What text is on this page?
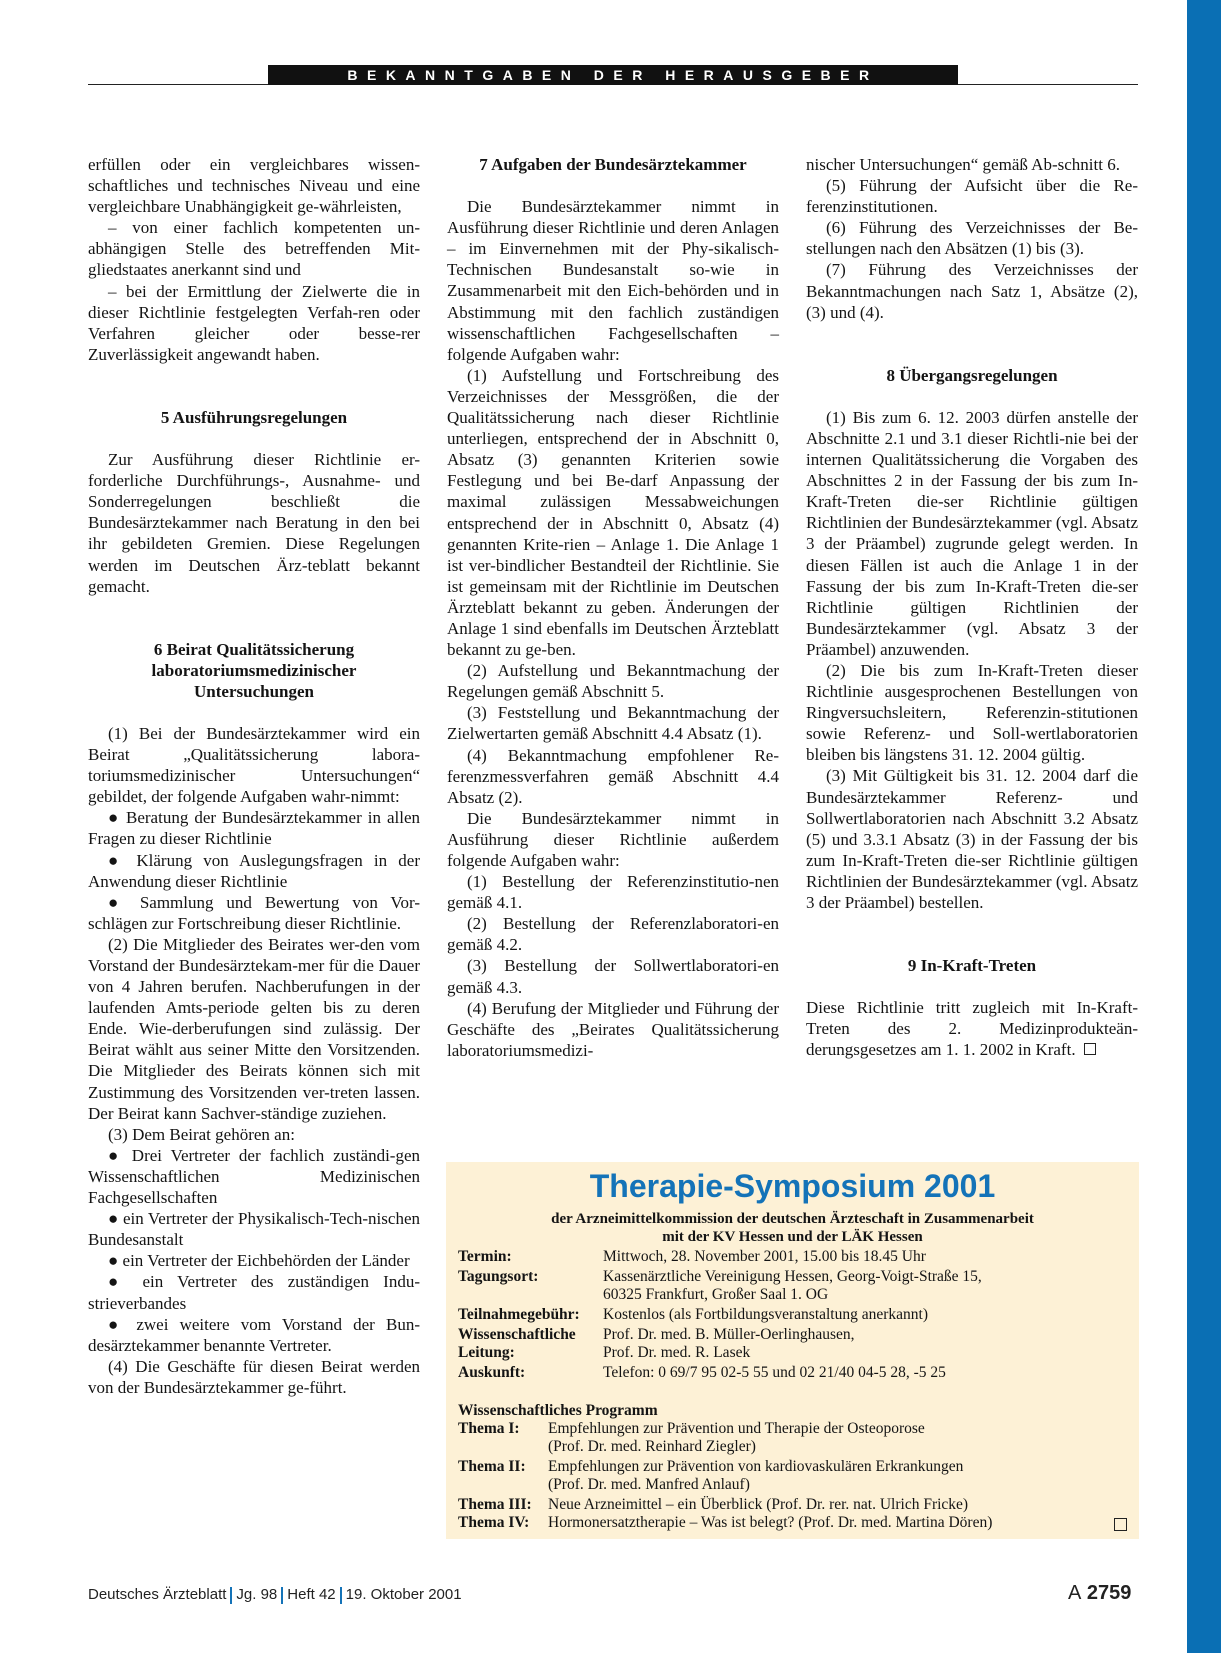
BEKANNTGABEN DER HERAUSGEBER

erfüllen oder ein vergleichbares wissen-schaftliches und technisches Niveau und eine vergleichbare Unabhängigkeit ge-währleisten,

– von einer fachlich kompetenten un-abhängigen Stelle des betreffenden Mit-gliedstaates anerkannt sind und

– bei der Ermittlung der Zielwerte die in dieser Richtlinie festgelegten Verfah-ren oder Verfahren gleicher oder besse-rer Zuverlässigkeit angewandt haben.

5 Ausführungsregelungen

Zur Ausführung dieser Richtlinie er-forderliche Durchführungs-, Ausnahme- und Sonderregelungen beschließt die Bundesärztekammer nach Beratung in den bei ihr gebildeten Gremien. Diese Regelungen werden im Deutschen Ärz-teblatt bekannt gemacht.

6 Beirat Qualitätssicherung
laboratoriumsmedizinischer
Untersuchungen

(1) Bei der Bundesärztekammer wird ein Beirat „Qualitätssicherung labora-toriumsmedizinischer Untersuchungen“ gebildet, der folgende Aufgaben wahr-nimmt:

● Beratung der Bundesärztekammer in allen Fragen zu dieser Richtlinie

● Klärung von Auslegungsfragen in der Anwendung dieser Richtlinie

● Sammlung und Bewertung von Vor-schlägen zur Fortschreibung dieser Richtlinie.

(2) Die Mitglieder des Beirates wer-den vom Vorstand der Bundesärztekam-mer für die Dauer von 4 Jahren berufen. Nachberufungen in der laufenden Amts-periode gelten bis zu deren Ende. Wie-derberufungen sind zulässig. Der Beirat wählt aus seiner Mitte den Vorsitzenden. Die Mitglieder des Beirats können sich mit Zustimmung des Vorsitzenden ver-treten lassen. Der Beirat kann Sachver-ständige zuziehen.

(3) Dem Beirat gehören an:

● Drei Vertreter der fachlich zuständi-gen Wissenschaftlichen Medizinischen Fachgesellschaften

● ein Vertreter der Physikalisch-Tech-nischen Bundesanstalt

● ein Vertreter der Eichbehörden der Länder

● ein Vertreter des zuständigen Indu-strieverbandes

● zwei weitere vom Vorstand der Bun-desärztekammer benannte Vertreter.

(4) Die Geschäfte für diesen Beirat werden von der Bundesärztekammer ge-führt.

7 Aufgaben der Bundesärztekammer

Die Bundesärztekammer nimmt in Ausführung dieser Richtlinie und deren Anlagen – im Einvernehmen mit der Phy-sikalisch-Technischen Bundesanstalt so-wie in Zusammenarbeit mit den Eich-behörden und in Abstimmung mit den fachlich zuständigen wissenschaftlichen Fachgesellschaften – folgende Aufgaben wahr:

(1) Aufstellung und Fortschreibung des Verzeichnisses der Messgrößen, die der Qualitätssicherung nach dieser Richtlinie unterliegen, entsprechend der in Abschnitt 0, Absatz (3) genannten Kriterien sowie Festlegung und bei Be-darf Anpassung der maximal zulässigen Messabweichungen entsprechend der in Abschnitt 0, Absatz (4) genannten Krite-rien – Anlage 1. Die Anlage 1 ist ver-bindlicher Bestandteil der Richtlinie. Sie ist gemeinsam mit der Richtlinie im Deutschen Ärzteblatt bekannt zu geben. Änderungen der Anlage 1 sind ebenfalls im Deutschen Ärzteblatt bekannt zu ge-ben.

(2) Aufstellung und Bekanntmachung der Regelungen gemäß Abschnitt 5.

(3) Feststellung und Bekanntmachung der Zielwertarten gemäß Abschnitt 4.4 Absatz (1).

(4) Bekanntmachung empfohlener Re-ferenzmessverfahren gemäß Abschnitt 4.4 Absatz (2).

Die Bundesärztekammer nimmt in Ausführung dieser Richtlinie außerdem folgende Aufgaben wahr:

(1) Bestellung der Referenzinstitutio-nen gemäß 4.1.

(2) Bestellung der Referenzlaboratori-en gemäß 4.2.

(3) Bestellung der Sollwertlaboratori-en gemäß 4.3.

(4) Berufung der Mitglieder und Führung der Geschäfte des „Beirates Qualitätssicherung laboratoriumsmedizi-

nischer Untersuchungen“ gemäß Ab-schnitt 6.

(5) Führung der Aufsicht über die Re-ferenzinstitutionen.

(6) Führung des Verzeichnisses der Be-stellungen nach den Absätzen (1) bis (3).

(7) Führung des Verzeichnisses der Bekanntmachungen nach Satz 1, Absätze (2), (3) und (4).

8 Übergangsregelungen

(1) Bis zum 6. 12. 2003 dürfen anstelle der Abschnitte 2.1 und 3.1 dieser Richtli-nie bei der internen Qualitätssicherung die Vorgaben des Abschnittes 2 in der Fassung der bis zum In-Kraft-Treten die-ser Richtlinie gültigen Richtlinien der Bundesärztekammer (vgl. Absatz 3 der Präambel) zugrunde gelegt werden. In diesen Fällen ist auch die Anlage 1 in der Fassung der bis zum In-Kraft-Treten die-ser Richtlinie gültigen Richtlinien der Bundesärztekammer (vgl. Absatz 3 der Präambel) anzuwenden.

(2) Die bis zum In-Kraft-Treten dieser Richtlinie ausgesprochenen Bestellungen von Ringversuchsleitern, Referenzin-stitutionen sowie Referenz- und Soll-wertlaboratorien bleiben bis längstens 31. 12. 2004 gültig.

(3) Mit Gültigkeit bis 31. 12. 2004 darf die Bundesärztekammer Referenz- und Sollwertlaboratorien nach Abschnitt 3.2 Absatz (5) und 3.3.1 Absatz (3) in der Fassung der bis zum In-Kraft-Treten die-ser Richtlinie gültigen Richtlinien der Bundesärztekammer (vgl. Absatz 3 der Präambel) bestellen.

9 In-Kraft-Treten

Diese Richtlinie tritt zugleich mit In-Kraft-Treten des 2. Medizinprodukteän-derungsgesetzes am 1. 1. 2002 in Kraft.

Therapie-Symposium 2001
der Arzneimittelkommission der deutschen Ärzteschaft in Zusammenarbeit
mit der KV Hessen und der LÄK Hessen
Termin:	Mittwoch, 28. November 2001, 15.00 bis 18.45 Uhr
Tagungsort:	Kassenärztliche Vereinigung Hessen, Georg-Voigt-Straße 15,
60325 Frankfurt, Großer Saal 1. OG
Teilnahmegebühr: Kostenlos (als Fortbildungsveranstaltung anerkannt)
Wissenschaftliche
Leitung:
Prof. Dr. med. B. Müller-Oerlinghausen,
Prof. Dr. med. R. Lasek
Auskunft:	Telefon: 0 69/7 95 02-5 55 und 02 21/40 04-5 28, -5 25
Wissenschaftliches Programm
Thema I: Empfehlungen zur Prävention und Therapie der Osteoporose
(Prof. Dr. med. Reinhard Ziegler)
Thema II: Empfehlungen zur Prävention von kardiovaskulären Erkrankungen
(Prof. Dr. med. Manfred Anlauf)
Thema III: Neue Arzneimittel – ein Überblick (Prof. Dr. rer. nat. Ulrich Fricke)
Thema IV: Hormonersatztherapie – Was ist belegt? (Prof. Dr. med. Martina Dören)
Deutsches Ärzteblatt Jg. 98 Heft 42 19. Oktober 2001	A 2759
